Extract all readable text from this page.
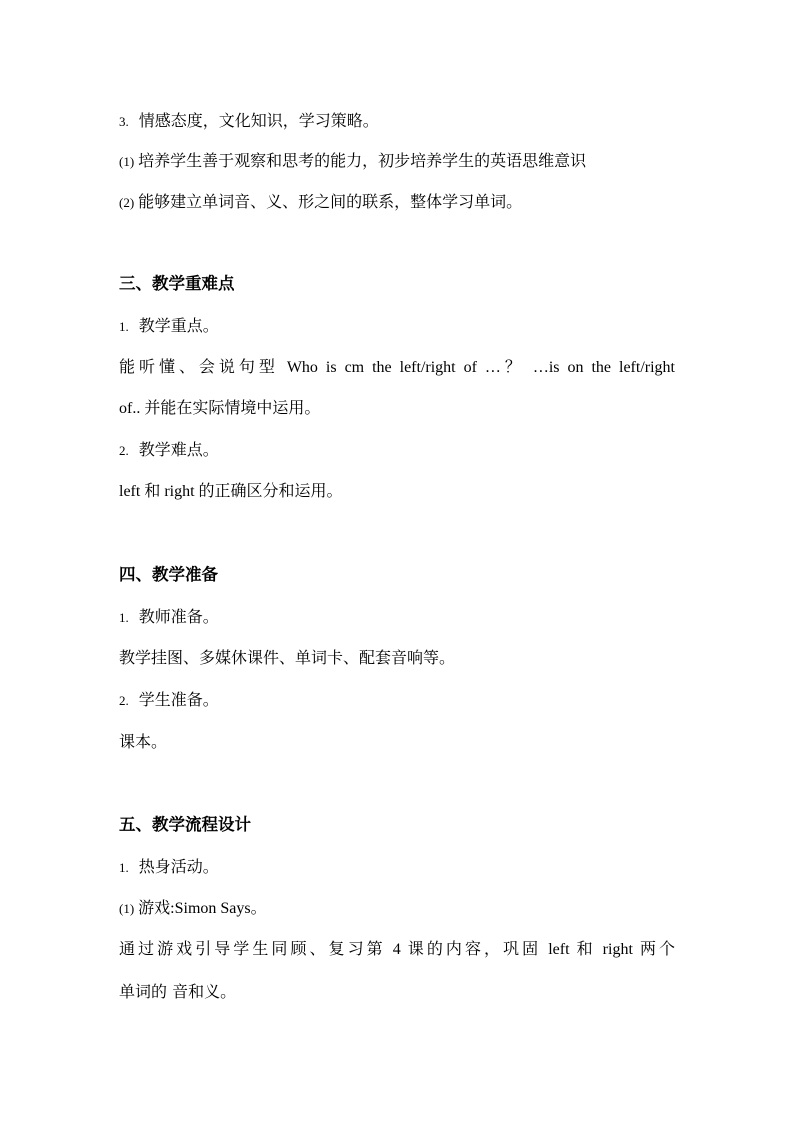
3. 情感态度，文化知识，学习策略。
(1) 培养学生善于观察和思考的能力，初步培养学生的英语思维意识
(2) 能够建立单词音、义、形之间的联系，整体学习单词。
三、教学重难点
1. 教学重点。
能听懂、会说句型 Who is cm the left/right of …？ …is on the left/right
of.. 并能在实际情境中运用。
2. 教学难点。
left 和 right 的正确区分和运用。
四、教学准备
1. 教师准备。
教学挂图、多媒休课件、单词卡、配套音响等。
2. 学生准备。
课本。
五、教学流程设计
1. 热身活动。
(1) 游戏:Simon Says。
通过游戏引导学生同顾、复习第 4 课的内容，巩固 left 和 right 两个
单词的 音和义。
